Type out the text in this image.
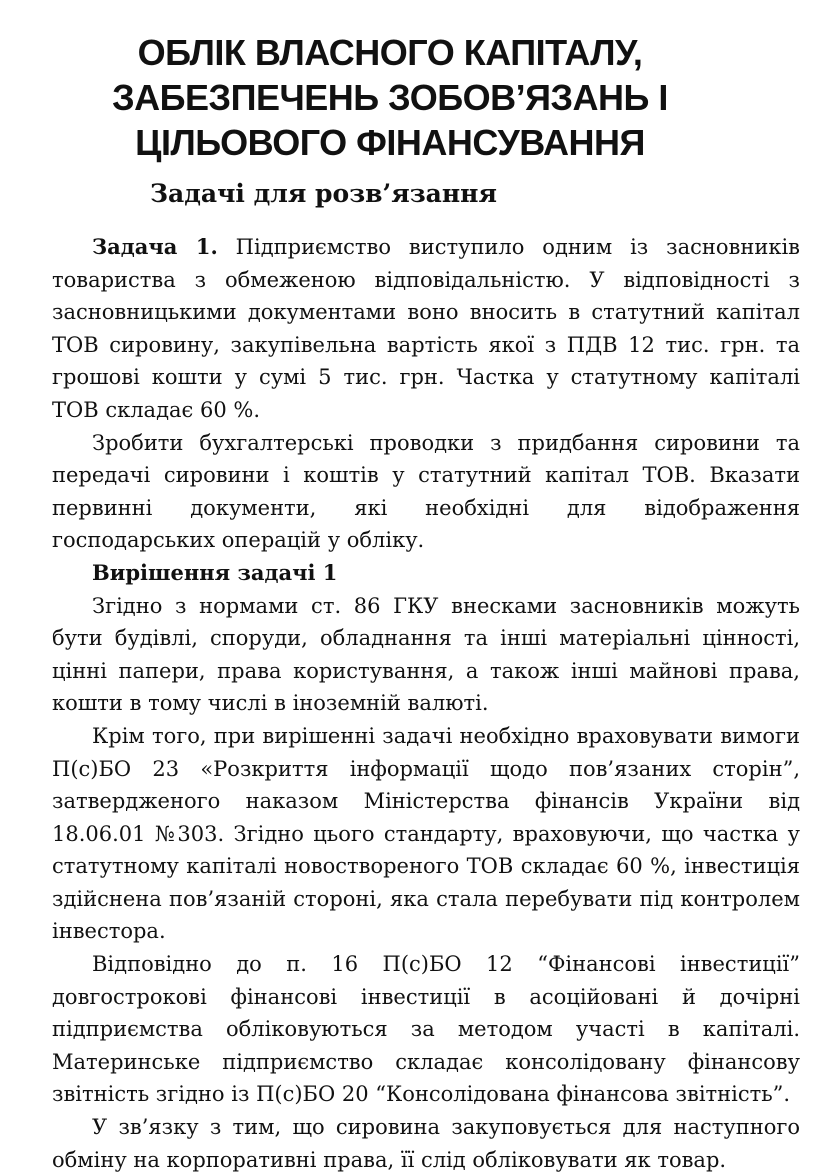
ОБЛІК ВЛАСНОГО КАПІТАЛУ,
ЗАБЕЗПЕЧЕНЬ ЗОБОВ’ЯЗАНЬ І
ЦІЛЬОВОГО ФІНАНСУВАННЯ
Задачі для розв’язання

Задача 1. Підприємство виступило одним із засновників товариства з обмеженою відповідальністю. У відповідності з засновницькими документами воно вносить в статутний капітал ТОВ сировину, закупівельна вартість якої з ПДВ 12 тис. грн. та грошові кошти у сумі 5 тис. грн. Частка у статутному капіталі ТОВ складає 60 %.

Зробити бухгалтерські проводки з придбання сировини та передачі сировини і коштів у статутний капітал ТОВ. Вказати первинні документи, які необхідні для відображення господарських операцій у обліку.

Вирішення задачі 1

Згідно з нормами ст. 86 ГКУ внесками засновників можуть бути будівлі, споруди, обладнання та інші матеріальні цінності, цінні папери, права користування, а також інші майнові права, кошти в тому числі в іноземній валюті.

Крім того, при вирішенні задачі необхідно враховувати вимоги П(с)БО 23 «Розкриття інформації щодо пов’язаних сторін”, затвердженого наказом Міністерства фінансів України від 18.06.01 №303. Згідно цього стандарту, враховуючи, що частка у статутному капіталі новоствореного ТОВ складає 60 %, інвестиція здійснена пов’язаній стороні, яка стала перебувати під контролем інвестора.

Відповідно до п. 16 П(с)БО 12 “Фінансові інвестиції” довгострокові фінансові інвестиції в асоційовані й дочірні підприємства обліковуються за методом участі в капіталі. Материнське підприємство складає консолідовану фінансову звітність згідно із П(с)БО 20 “Консолідована фінансова звітність”.

У зв’язку з тим, що сировина закуповується для наступного обміну на корпоративні права, її слід обліковувати як товар.
